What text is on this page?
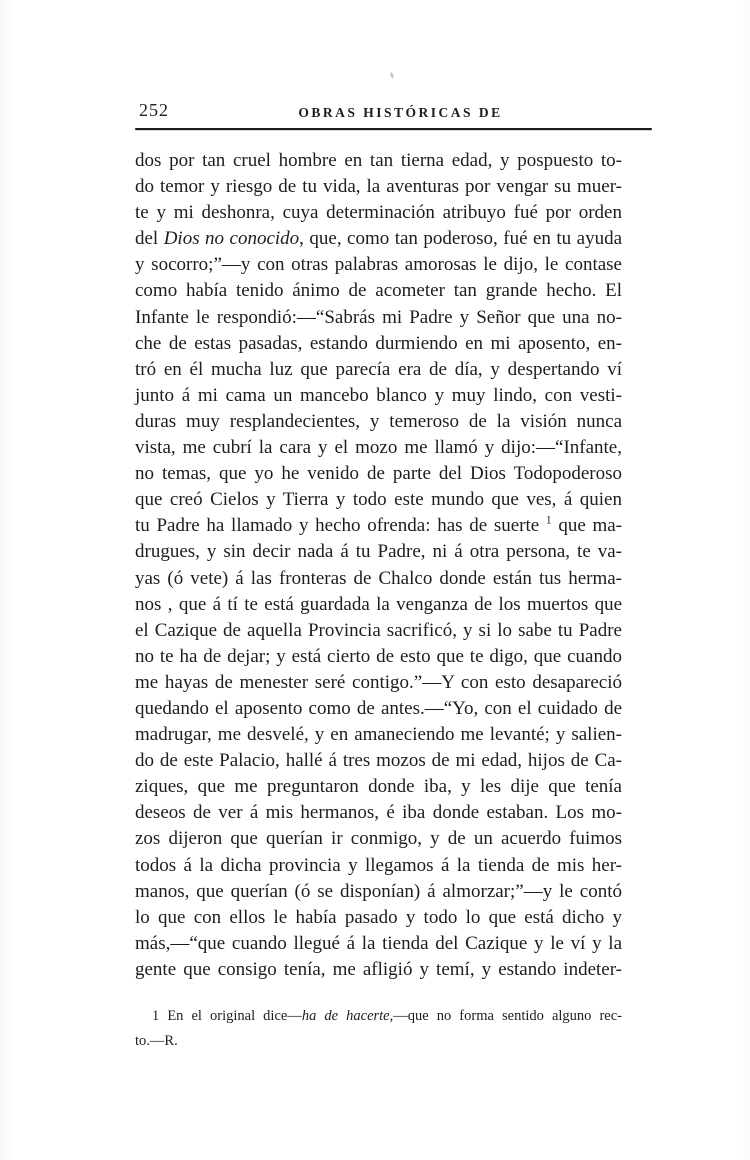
252	OBRAS HISTÓRICAS DE
dos por tan cruel hombre en tan tierna edad, y pospuesto to-
do temor y riesgo de tu vida, la aventuras por vengar su muer-
te y mi deshonra, cuya determinación atribuyo fué por orden
del Dios no conocido, que, como tan poderoso, fué en tu ayuda
y socorro;”—y con otras palabras amorosas le dijo, le contase
como había tenido ánimo de acometer tan grande hecho. El
Infante le respondió:—“Sabrás mi Padre y Señor que una no-
che de estas pasadas, estando durmiendo en mi aposento, en-
tró en él mucha luz que parecía era de día, y despertando ví
junto á mi cama un mancebo blanco y muy lindo, con vesti-
duras muy resplandecientes, y temeroso de la visión nunca
vista, me cubrí la cara y el mozo me llamó y dijo:—“Infante,
no temas, que yo he venido de parte del Dios Todopoderoso
que creó Cielos y Tierra y todo este mundo que ves, á quien
tu Padre ha llamado y hecho ofrenda: has de suerte $^1$ que ma-
drugues, y sin decir nada á tu Padre, ni á otra persona, te va-
yas (ó vete) á las fronteras de Chalco donde están tus herma-
nos , que á tí te está guardada la venganza de los muertos que
el Cazique de aquella Provincia sacrificó, y si lo sabe tu Padre
no te ha de dejar; y está cierto de esto que te digo, que cuando
me hayas de menester seré contigo.”—Y con esto desapareció
quedando el aposento como de antes.—“Yo, con el cuidado de
madrugar, me desvelé, y en amaneciendo me levanté; y salien-
do de este Palacio, hallé á tres mozos de mi edad, hijos de Ca-
ziques, que me preguntaron donde iba, y les dije que tenía
deseos de ver á mis hermanos, é iba donde estaban. Los mo-
zos dijeron que querían ir conmigo, y de un acuerdo fuimos
todos á la dicha provincia y llegamos á la tienda de mis her-
manos, que querían (ó se disponían) á almorzar;”—y le contó
lo que con ellos le había pasado y todo lo que está dicho y
más,—“que cuando llegué á la tienda del Cazique y le ví y la
gente que consigo tenía, me afligió y temí, y estando indeter-
1 En el original dice—ha de hacerte,—que no forma sentido alguno rec-
to.—R.
